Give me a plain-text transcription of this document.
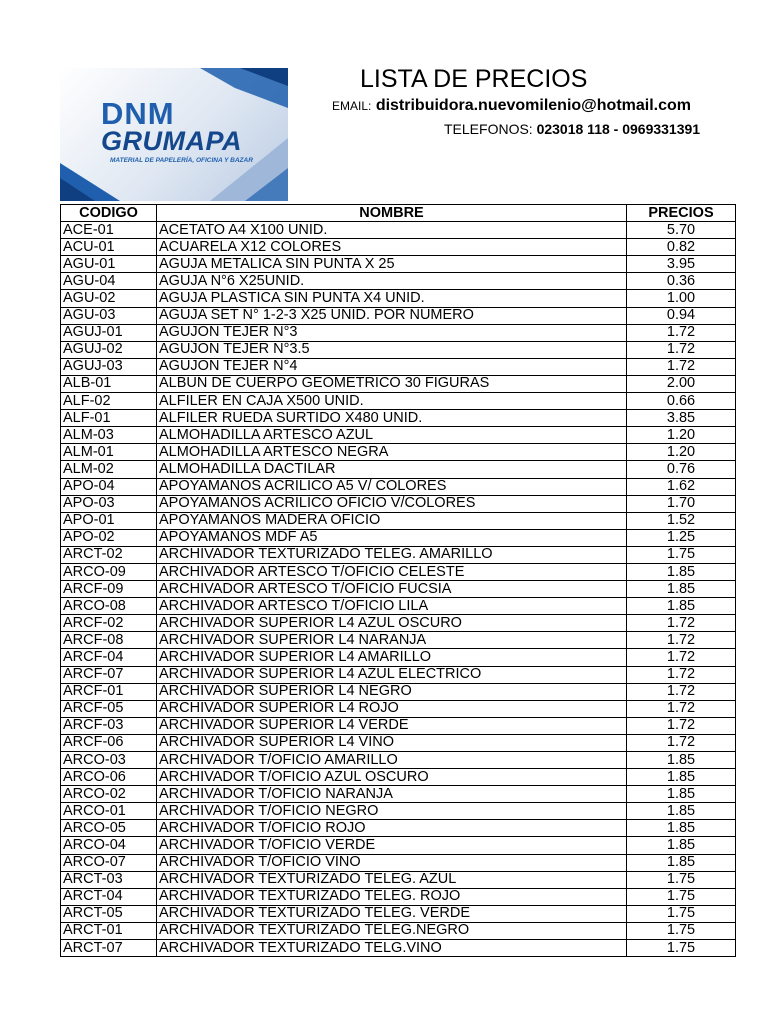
DNM
GRUMAPA
MATERIAL DE PAPELERÍA, OFICINA Y BAZAR
LISTA DE PRECIOS
EMAIL: distribuidora.nuevomilenio@hotmail.com
TELEFONOS: 023018 118 - 0969331391
CODIGO	NOMBRE	PRECIOS
ACE-01	ACETATO A4 X100 UNID.	5.70
ACU-01	ACUARELA X12 COLORES	0.82
AGU-01	AGUJA METALICA SIN PUNTA X 25	3.95
AGU-04	AGUJA N°6 X25UNID.	0.36
AGU-02	AGUJA PLASTICA SIN PUNTA X4 UNID.	1.00
AGU-03	AGUJA SET N° 1-2-3 X25 UNID. POR NUMERO	0.94
AGUJ-01	AGUJON TEJER N°3	1.72
AGUJ-02	AGUJON TEJER N°3.5	1.72
AGUJ-03	AGUJON TEJER N°4	1.72
ALB-01	ALBUN DE CUERPO GEOMETRICO 30 FIGURAS	2.00
ALF-02	ALFILER EN CAJA X500 UNID.	0.66
ALF-01	ALFILER RUEDA SURTIDO X480 UNID.	3.85
ALM-03	ALMOHADILLA ARTESCO AZUL	1.20
ALM-01	ALMOHADILLA ARTESCO NEGRA	1.20
ALM-02	ALMOHADILLA DACTILAR	0.76
APO-04	APOYAMANOS ACRILICO A5 V/ COLORES	1.62
APO-03	APOYAMANOS ACRILICO OFICIO V/COLORES	1.70
APO-01	APOYAMANOS MADERA OFICIO	1.52
APO-02	APOYAMANOS MDF A5	1.25
ARCT-02	ARCHIVADOR TEXTURIZADO TELEG. AMARILLO	1.75
ARCO-09	ARCHIVADOR ARTESCO T/OFICIO CELESTE	1.85
ARCF-09	ARCHIVADOR ARTESCO T/OFICIO FUCSIA	1.85
ARCO-08	ARCHIVADOR ARTESCO T/OFICIO LILA	1.85
ARCF-02	ARCHIVADOR SUPERIOR L4 AZUL OSCURO	1.72
ARCF-08	ARCHIVADOR SUPERIOR L4 NARANJA	1.72
ARCF-04	ARCHIVADOR SUPERIOR L4 AMARILLO	1.72
ARCF-07	ARCHIVADOR SUPERIOR L4 AZUL ELECTRICO	1.72
ARCF-01	ARCHIVADOR SUPERIOR L4 NEGRO	1.72
ARCF-05	ARCHIVADOR SUPERIOR L4 ROJO	1.72
ARCF-03	ARCHIVADOR SUPERIOR L4 VERDE	1.72
ARCF-06	ARCHIVADOR SUPERIOR L4 VINO	1.72
ARCO-03	ARCHIVADOR T/OFICIO AMARILLO	1.85
ARCO-06	ARCHIVADOR T/OFICIO AZUL OSCURO	1.85
ARCO-02	ARCHIVADOR T/OFICIO NARANJA	1.85
ARCO-01	ARCHIVADOR T/OFICIO NEGRO	1.85
ARCO-05	ARCHIVADOR T/OFICIO ROJO	1.85
ARCO-04	ARCHIVADOR T/OFICIO VERDE	1.85
ARCO-07	ARCHIVADOR T/OFICIO VINO	1.85
ARCT-03	ARCHIVADOR TEXTURIZADO TELEG. AZUL	1.75
ARCT-04	ARCHIVADOR TEXTURIZADO TELEG. ROJO	1.75
ARCT-05	ARCHIVADOR TEXTURIZADO TELEG. VERDE	1.75
ARCT-01	ARCHIVADOR TEXTURIZADO TELEG.NEGRO	1.75
ARCT-07	ARCHIVADOR TEXTURIZADO TELG.VINO	1.75
